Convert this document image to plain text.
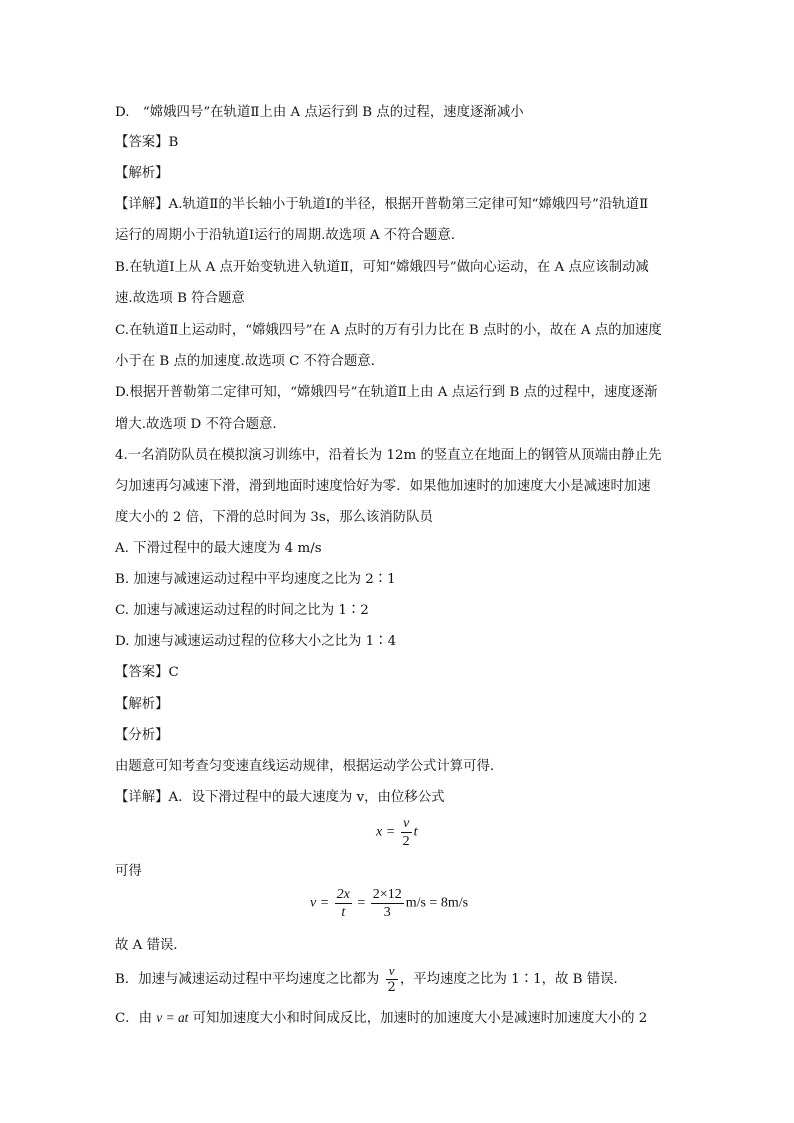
D.　“嫦娥四号”在轨道Ⅱ上由 A 点运行到 B 点的过程，速度逐渐减小
【答案】B
【解析】
【详解】A.轨道Ⅱ的半长轴小于轨道Ⅰ的半径，根据开普勒第三定律可知“嫦娥四号”沿轨道Ⅱ
运行的周期小于沿轨道Ⅰ运行的周期.故选项 A 不符合题意.
B.在轨道Ⅰ上从 A 点开始变轨进入轨道Ⅱ，可知“嫦娥四号”做向心运动，在 A 点应该制动减
速.故选项 B 符合题意
C.在轨道Ⅱ上运动时，“嫦娥四号”在 A 点时的万有引力比在 B 点时的小，故在 A 点的加速度
小于在 B 点的加速度.故选项 C 不符合题意.
D.根据开普勒第二定律可知，“嫦娥四号”在轨道Ⅱ上由 A 点运行到 B 点的过程中，速度逐渐
增大.故选项 D 不符合题意.
4.一名消防队员在模拟演习训练中，沿着长为 12m 的竖直立在地面上的钢管从顶端由静止先
匀加速再匀减速下滑，滑到地面时速度恰好为零．如果他加速时的加速度大小是减速时加速
度大小的 2 倍，下滑的总时间为 3s，那么该消防队员
A. 下滑过程中的最大速度为 4 m/s
B. 加速与减速运动过程中平均速度之比为 2∶1
C. 加速与减速运动过程的时间之比为 1∶2
D. 加速与减速运动过程的位移大小之比为 1∶4
【答案】C
【解析】
【分析】
由题意可知考查匀变速直线运动规律，根据运动学公式计算可得．
【详解】A．设下滑过程中的最大速度为 v，由位移公式
$x = \frac{v}{2}$ t
可得
$v = \frac{2x}{t} = \frac{2\times 12}{3} m/s = 8m/s$
故 A 错误．
B．加速与减速运动过程中平均速度之比都为 $\frac{v}{2}$ ，平均速度之比为 1∶1，故 B 错误．
C．由 v = at 可知加速度大小和时间成反比，加速时的加速度大小是减速时加速度大小的 2
